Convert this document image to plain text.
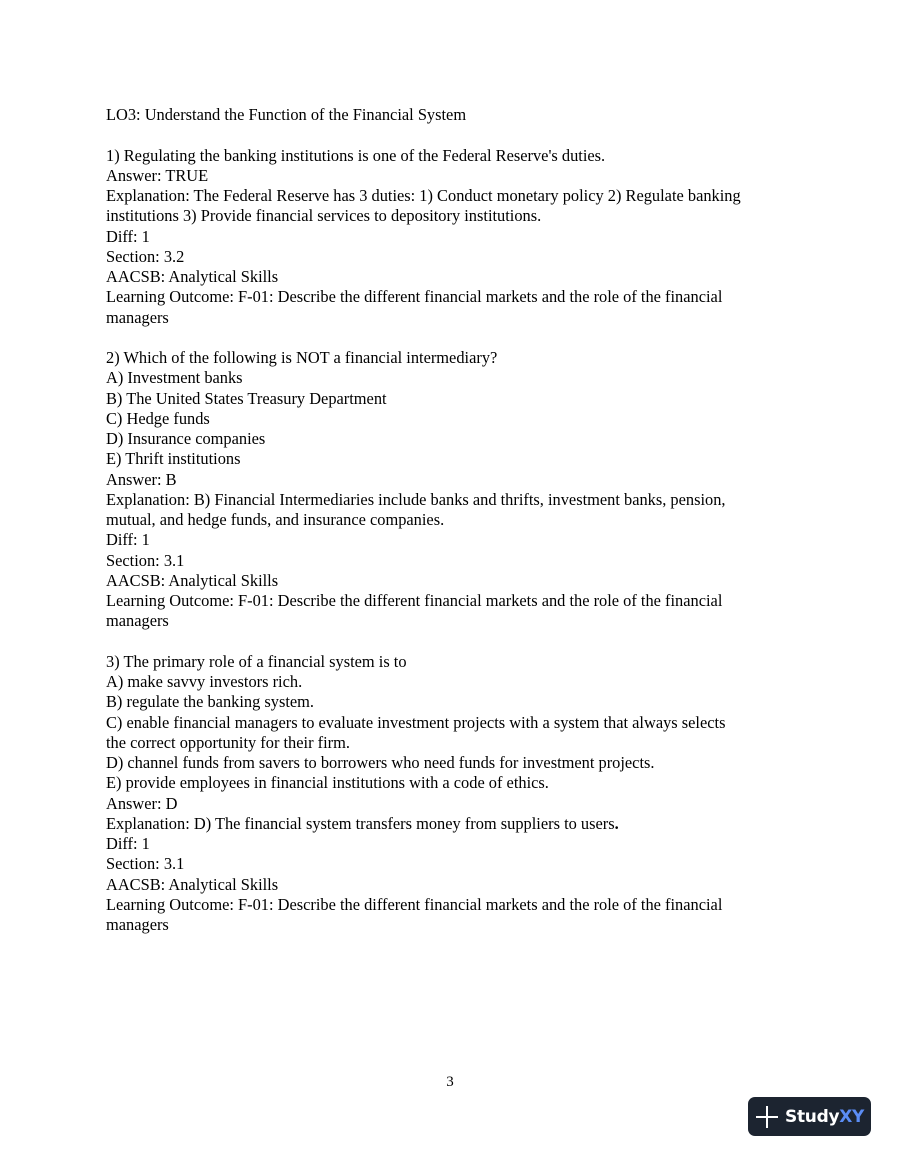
LO3: Understand the Function of the Financial System
1) Regulating the banking institutions is one of the Federal Reserve's duties.
Answer: TRUE
Explanation: The Federal Reserve has 3 duties: 1) Conduct monetary policy 2) Regulate banking
institutions 3) Provide financial services to depository institutions.
Diff: 1
Section: 3.2
AACSB: Analytical Skills
Learning Outcome: F-01: Describe the different financial markets and the role of the financial
managers
2) Which of the following is NOT a financial intermediary?
A) Investment banks
B) The United States Treasury Department
C) Hedge funds
D) Insurance companies
E) Thrift institutions
Answer: B
Explanation: B) Financial Intermediaries include banks and thrifts, investment banks, pension,
mutual, and hedge funds, and insurance companies.
Diff: 1
Section: 3.1
AACSB: Analytical Skills
Learning Outcome: F-01: Describe the different financial markets and the role of the financial
managers
3) The primary role of a financial system is to
A) make savvy investors rich.
B) regulate the banking system.
C) enable financial managers to evaluate investment projects with a system that always selects
the correct opportunity for their firm.
D) channel funds from savers to borrowers who need funds for investment projects.
E) provide employees in financial institutions with a code of ethics.
Answer: D
Explanation: D) The financial system transfers money from suppliers to users.
Diff: 1
Section: 3.1
AACSB: Analytical Skills
Learning Outcome: F-01: Describe the different financial markets and the role of the financial
managers
3
StudyXY
